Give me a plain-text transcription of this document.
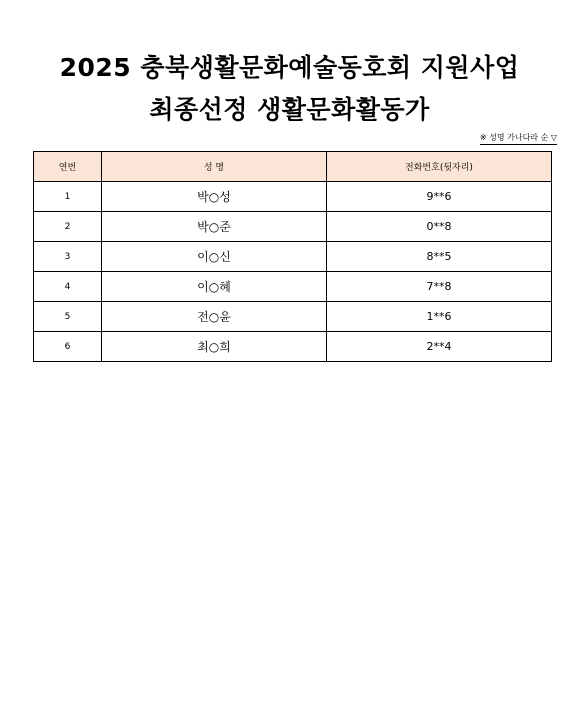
2025 충북생활문화예술동호회 지원사업
최종선정 생활문화활동가
※ 성명 가나다라 순 ▽
연번	성 명	전화번호(뒷자리)
1	박○성	9**6
2	박○준	0**8
3	이○신	8**5
4	이○혜	7**8
5	전○윤	1**6
6	최○희	2**4
